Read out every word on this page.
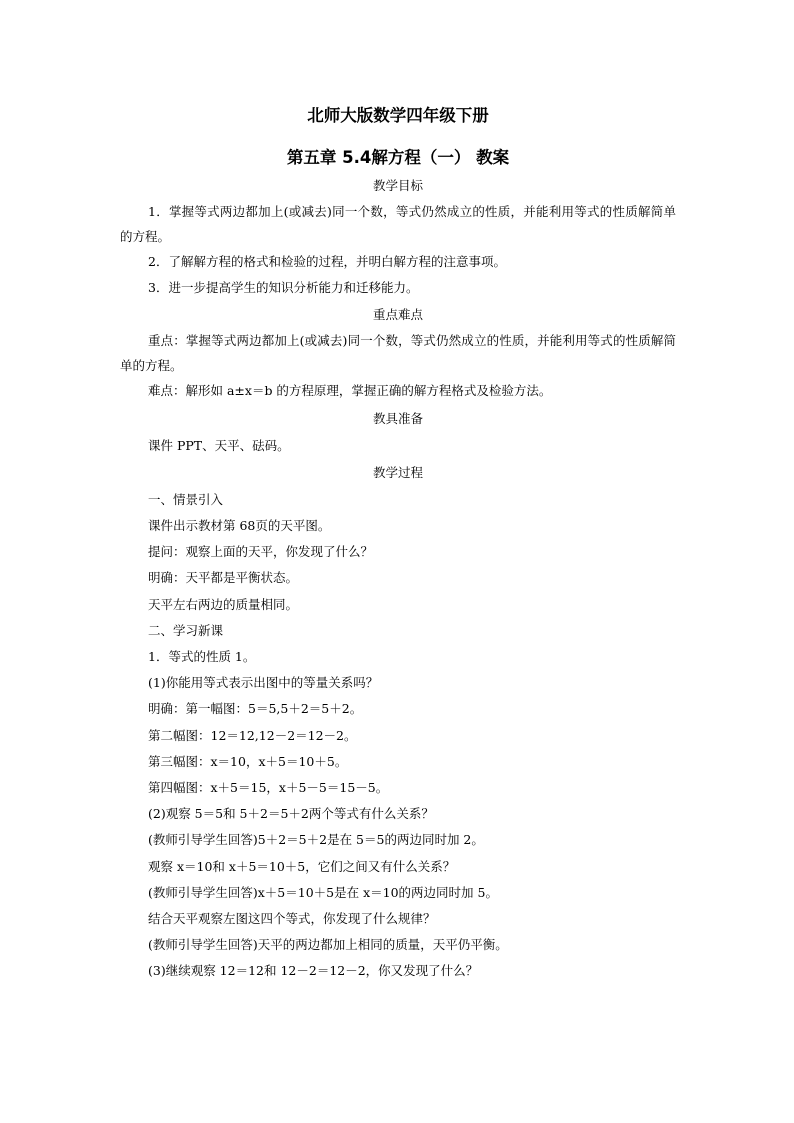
北师大版数学四年级下册
第五章 5.4解方程（一） 教案
教学目标

1．掌握等式两边都加上(或减去)同一个数，等式仍然成立的性质，并能利用等式的性质解简单的方程。

2．了解解方程的格式和检验的过程，并明白解方程的注意事项。

3．进一步提高学生的知识分析能力和迁移能力。

重点难点

重点：掌握等式两边都加上(或减去)同一个数，等式仍然成立的性质，并能利用等式的性质解简单的方程。

难点：解形如 a±x＝b 的方程原理，掌握正确的解方程格式及检验方法。

教具准备

课件 PPT、天平、砝码。

教学过程

一、情景引入

课件出示教材第 68页的天平图。

提问：观察上面的天平，你发现了什么？

明确：天平都是平衡状态。

天平左右两边的质量相同。

二、学习新课

1．等式的性质 1。

(1)你能用等式表示出图中的等量关系吗？

明确：第一幅图：5＝5,5＋2＝5＋2。

第二幅图：12＝12,12－2＝12－2。

第三幅图：x＝10，x＋5＝10＋5。

第四幅图：x＋5＝15，x＋5－5＝15－5。

(2)观察 5＝5和 5＋2＝5＋2两个等式有什么关系？

(教师引导学生回答)5＋2＝5＋2是在 5＝5的两边同时加 2。

观察 x＝10和 x＋5＝10＋5，它们之间又有什么关系？

(教师引导学生回答)x＋5＝10＋5是在 x＝10的两边同时加 5。

结合天平观察左图这四个等式，你发现了什么规律？

(教师引导学生回答)天平的两边都加上相同的质量，天平仍平衡。

(3)继续观察 12＝12和 12－2＝12－2，你又发现了什么？
